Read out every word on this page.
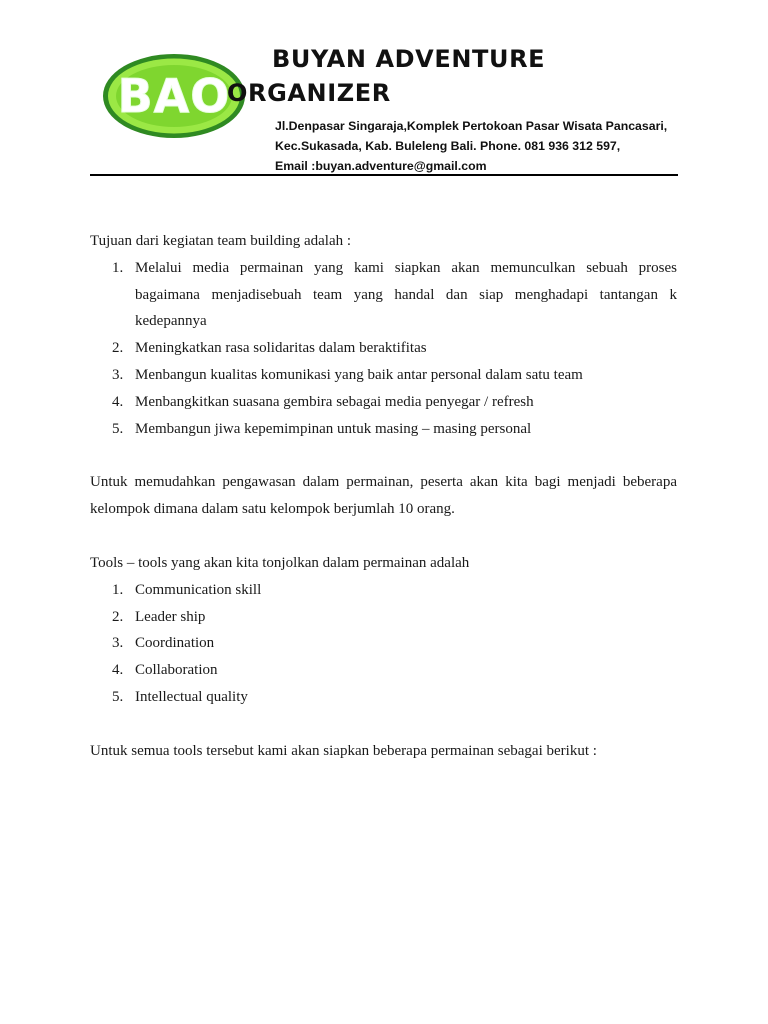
BAO
BUYAN ADVENTURE
ORGANIZER
Jl.Denpasar Singaraja,Komplek Pertokoan Pasar Wisata Pancasari,
Kec.Sukasada, Kab. Buleleng Bali. Phone. 081 936 312 597,
Email :buyan.adventure@gmail.com

Tujuan dari kegiatan team building adalah :

1. Melalui media permainan yang kami siapkan akan memunculkan sebuah proses bagaimana menjadisebuah team yang handal dan siap menghadapi tantangan k kedepannya
2. Meningkatkan rasa solidaritas dalam beraktifitas
3. Menbangun kualitas komunikasi yang baik antar personal dalam satu team
4. Menbangkitkan suasana gembira sebagai media penyegar / refresh
5. Membangun jiwa kepemimpinan untuk masing – masing personal

Untuk memudahkan pengawasan dalam permainan, peserta akan kita bagi menjadi beberapa kelompok dimana dalam satu kelompok berjumlah 10 orang.

Tools – tools yang akan kita tonjolkan dalam permainan adalah

1. Communication skill
2. Leader ship
3. Coordination
4. Collaboration
5. Intellectual quality

Untuk semua tools tersebut kami akan siapkan beberapa permainan sebagai berikut :
